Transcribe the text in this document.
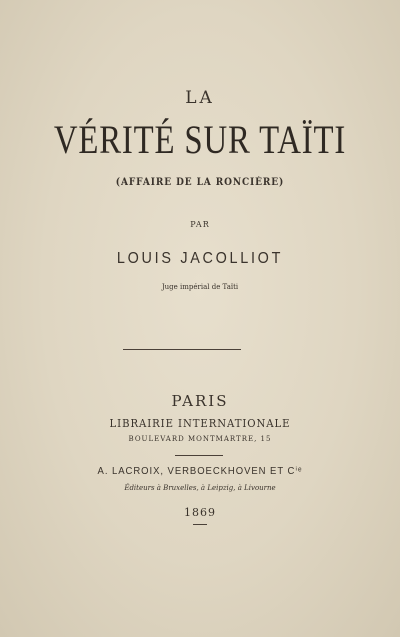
LA
VÉRITÉ SUR TAÏTI
(AFFAIRE DE LA RONCIÈRE)
PAR
LOUIS JACOLLIOT
Juge impérial de Taïti
PARIS
LIBRAIRIE INTERNATIONALE
BOULEVARD MONTMARTRE, 15
A. LACROIX, VERBOECKHOVEN ET Cⁱᵉ
Éditeurs à Bruxelles, à Leipzig, à Livourne
1869
